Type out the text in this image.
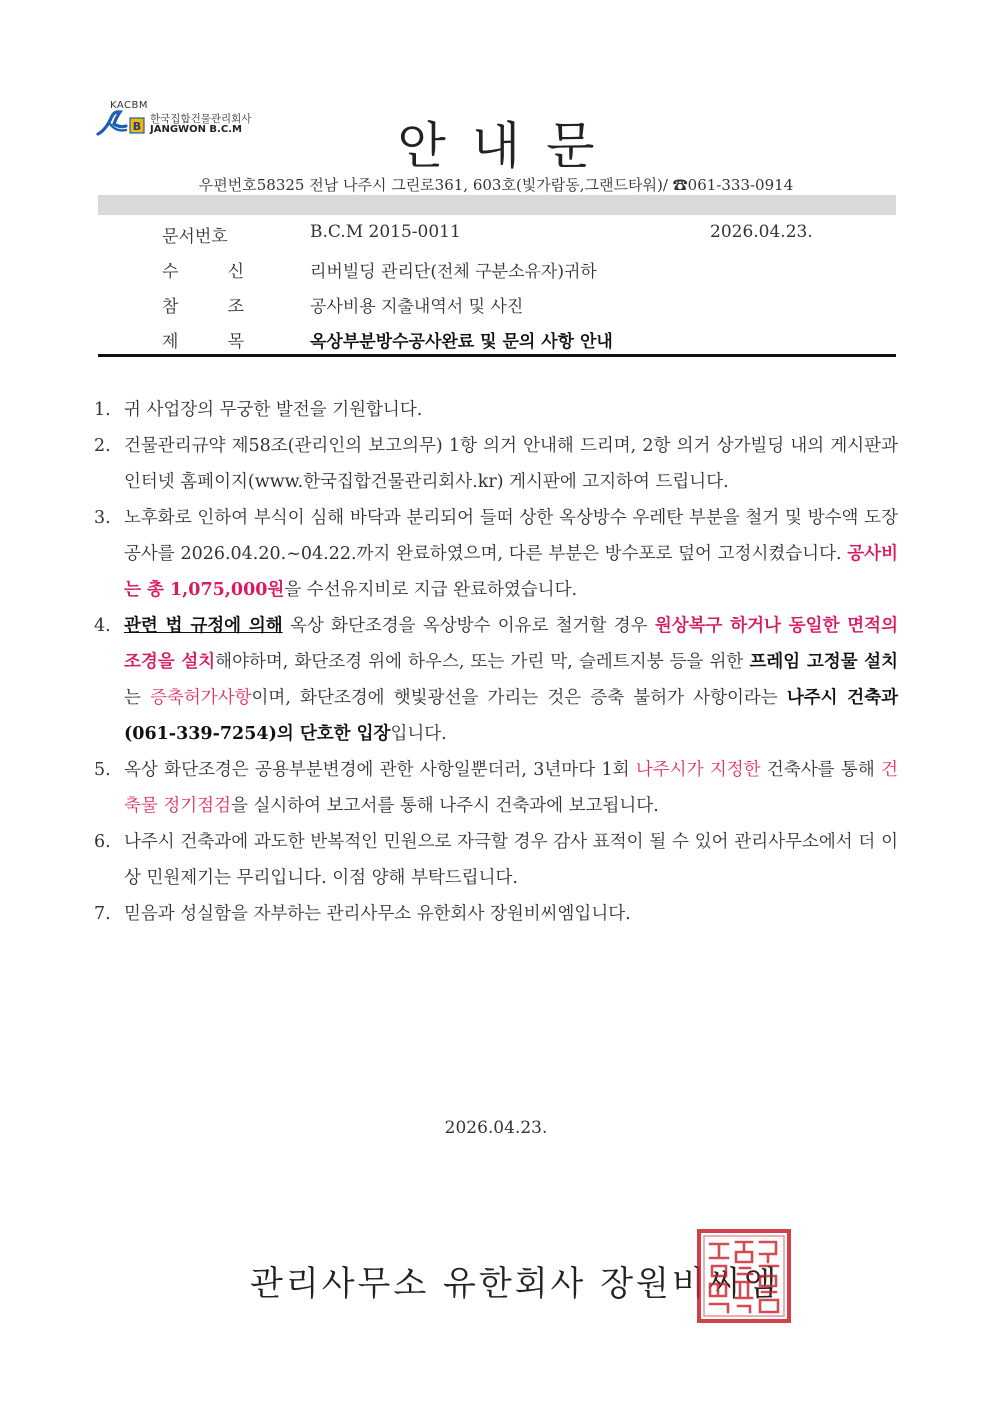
KACBM
B
한국집합건물관리회사
JANGWON B.C.M	안내문
우편번호58325 전남 나주시 그린로361, 603호(빛가람동,그랜드타워)/ ☎061-333-0914
문서번호	B.C.M 2015-0011	2026.04.23.
수	신	리버빌딩 관리단(전체 구분소유자)귀하
참	조	공사비용 지출내역서 및 사진
제	목	옥상부분방수공사완료 및 문의 사항 안내
1. 귀 사업장의 무궁한 발전을 기원합니다.
2. 건물관리규약 제58조(관리인의 보고의무) 1항 의거 안내해 드리며, 2항 의거 상가빌딩 내의 게시판과 인터넷 홈페이지(www.한국집합건물관리회사.kr) 게시판에 고지하여 드립니다.
3. 노후화로 인하여 부식이 심해 바닥과 분리되어 들떠 상한 옥상방수 우레탄 부분을 철거 및 방수액 도장 공사를 2026.04.20.~04.22.까지 완료하였으며, 다른 부분은 방수포로 덮어 고정시켰습니다. 공사비는 총 1,075,000원을 수선유지비로 지급 완료하였습니다.
4. 관련 법 규정에 의해 옥상 화단조경을 옥상방수 이유로 철거할 경우 원상복구 하거나 동일한 면적의 조경을 설치해야하며, 화단조경 위에 하우스, 또는 가린 막, 슬레트지붕 등을 위한 프레임 고정물 설치는 증축허가사항이며, 화단조경에 햇빛광선을 가리는 것은 증축 불허가 사항이라는 나주시 건축과(061-339-7254)의 단호한 입장입니다.
5. 옥상 화단조경은 공용부분변경에 관한 사항일뿐더러, 3년마다 1회 나주시가 지정한 건축사를 통해 건축물 정기점검을 실시하여 보고서를 통해 나주시 건축과에 보고됩니다.
6. 나주시 건축과에 과도한 반복적인 민원으로 자극할 경우 감사 표적이 될 수 있어 관리사무소에서 더 이상 민원제기는 무리입니다. 이점 양해 부탁드립니다.
7. 믿음과 성실함을 자부하는 관리사무소 유한회사 장원비씨엠입니다.
2026.04.23.
관리사무소 유한회사 장원비씨엠
